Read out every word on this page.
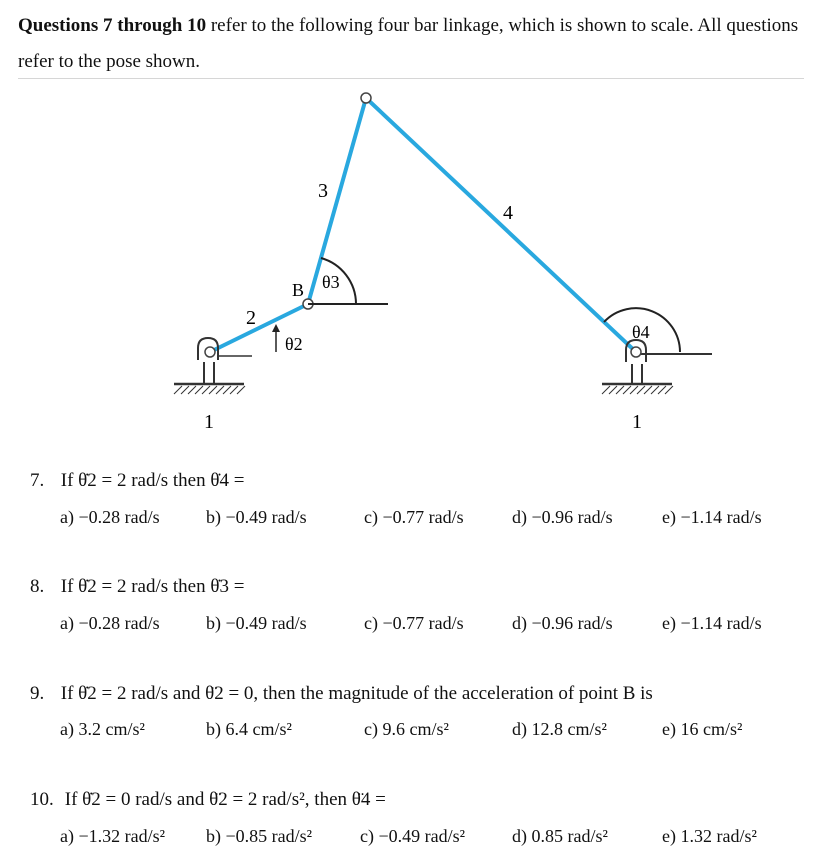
Questions 7 through 10 refer to the following four bar linkage, which is shown to scale. All questions refer to the pose shown.
2
3
4
B
θ2
θ3
θ4
1	1
7. If θ̇2 = 2 rad/s then θ̇4 =
a) −0.28 rad/s	b) −0.49 rad/s	c) −0.77 rad/s	d) −0.96 rad/s	e) −1.14 rad/s
8. If θ̇2 = 2 rad/s then θ̇3 =
a) −0.28 rad/s	b) −0.49 rad/s	c) −0.77 rad/s	d) −0.96 rad/s	e) −1.14 rad/s
9. If θ̇2 = 2 rad/s and θ̈2 = 0, then the magnitude of the acceleration of point B is
a) 3.2 cm/s²	b) 6.4 cm/s²	c) 9.6 cm/s²	d) 12.8 cm/s²	e) 16 cm/s²
10. If θ̇2 = 0 rad/s and θ̈2 = 2 rad/s², then θ̈4 =
a) −1.32 rad/s² b) −0.85 rad/s²	c) −0.49 rad/s²	d) 0.85 rad/s²	e) 1.32 rad/s²
